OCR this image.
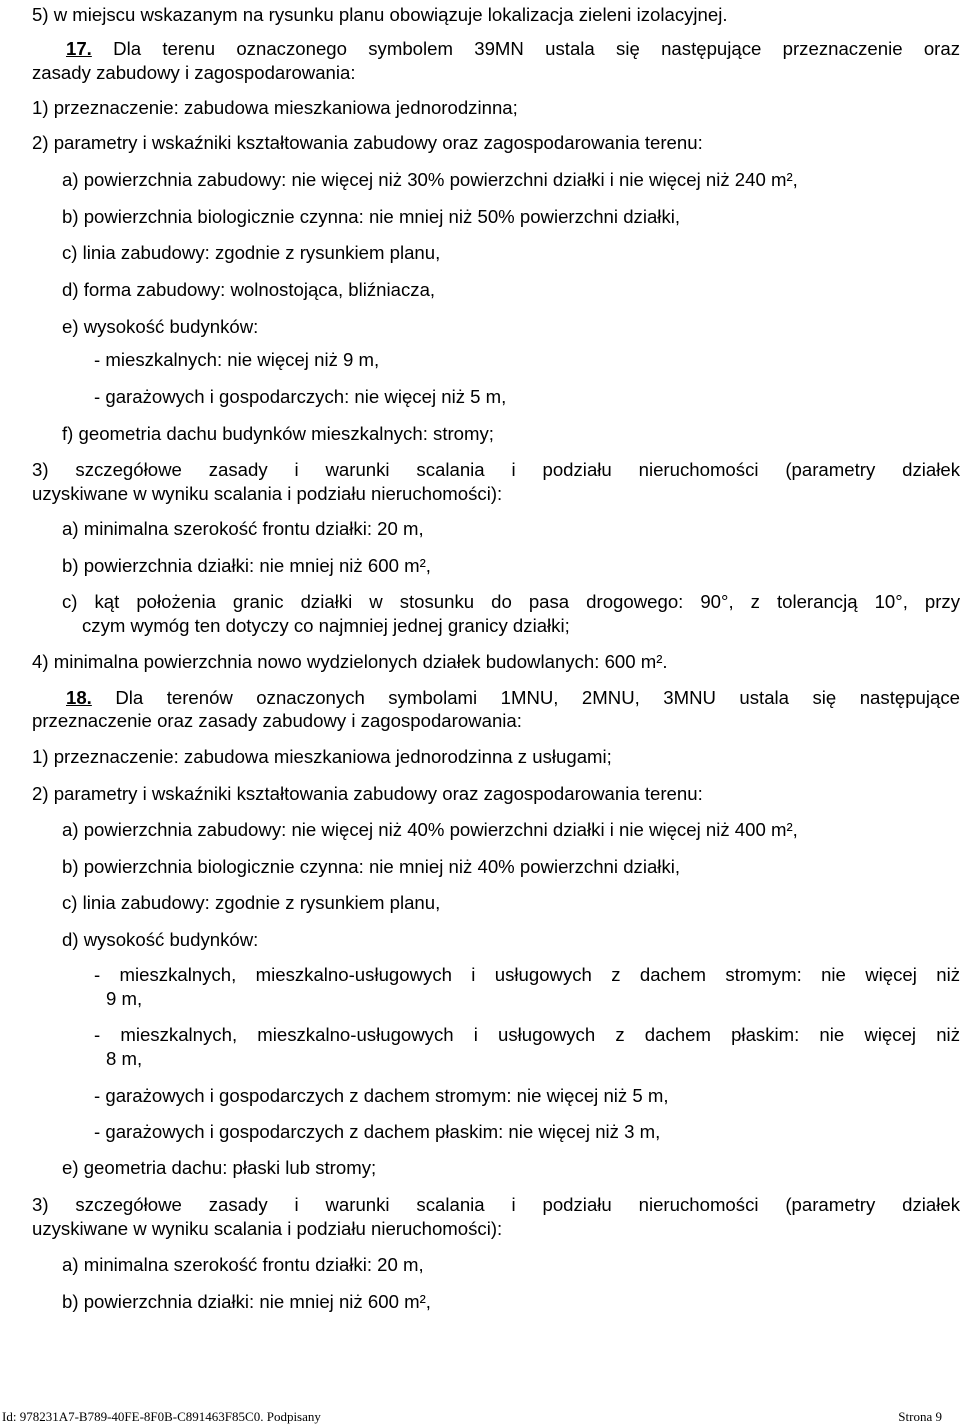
5) w miejscu wskazanym na rysunku planu obowiązuje lokalizacja zieleni izolacyjnej.
17. Dla terenu oznaczonego symbolem 39MN ustala się następujące przeznaczenie oraz
zasady zabudowy i zagospodarowania:
1) przeznaczenie: zabudowa mieszkaniowa jednorodzinna;
2) parametry i wskaźniki kształtowania zabudowy oraz zagospodarowania terenu:
a) powierzchnia zabudowy: nie więcej niż 30% powierzchni działki i nie więcej niż 240 m²,
b) powierzchnia biologicznie czynna: nie mniej niż 50% powierzchni działki,
c) linia zabudowy: zgodnie z rysunkiem planu,
d) forma zabudowy: wolnostojąca, bliźniacza,
e) wysokość budynków:
- mieszkalnych: nie więcej niż 9 m,
- garażowych i gospodarczych: nie więcej niż 5 m,
f) geometria dachu budynków mieszkalnych: stromy;
3) szczegółowe zasady i warunki scalania i podziału nieruchomości (parametry działek
uzyskiwane w wyniku scalania i podziału nieruchomości):
a) minimalna szerokość frontu działki: 20 m,
b) powierzchnia działki: nie mniej niż 600 m²,
c) kąt położenia granic działki w stosunku do pasa drogowego: 90°, z tolerancją 10°, przy
czym wymóg ten dotyczy co najmniej jednej granicy działki;
4) minimalna powierzchnia nowo wydzielonych działek budowlanych: 600 m².
18. Dla terenów oznaczonych symbolami 1MNU, 2MNU, 3MNU ustala się następujące
przeznaczenie oraz zasady zabudowy i zagospodarowania:
1) przeznaczenie: zabudowa mieszkaniowa jednorodzinna z usługami;
2) parametry i wskaźniki kształtowania zabudowy oraz zagospodarowania terenu:
a) powierzchnia zabudowy: nie więcej niż 40% powierzchni działki i nie więcej niż 400 m²,
b) powierzchnia biologicznie czynna: nie mniej niż 40% powierzchni działki,
c) linia zabudowy: zgodnie z rysunkiem planu,
d) wysokość budynków:
- mieszkalnych, mieszkalno-usługowych i usługowych z dachem stromym: nie więcej niż
9 m,
- mieszkalnych, mieszkalno-usługowych i usługowych z dachem płaskim: nie więcej niż
8 m,
- garażowych i gospodarczych z dachem stromym: nie więcej niż 5 m,
- garażowych i gospodarczych z dachem płaskim: nie więcej niż 3 m,
e) geometria dachu: płaski lub stromy;
3) szczegółowe zasady i warunki scalania i podziału nieruchomości (parametry działek
uzyskiwane w wyniku scalania i podziału nieruchomości):
a) minimalna szerokość frontu działki: 20 m,
b) powierzchnia działki: nie mniej niż 600 m²,
Id: 978231A7-B789-40FE-8F0B-C891463F85C0. Podpisany	Strona 9
